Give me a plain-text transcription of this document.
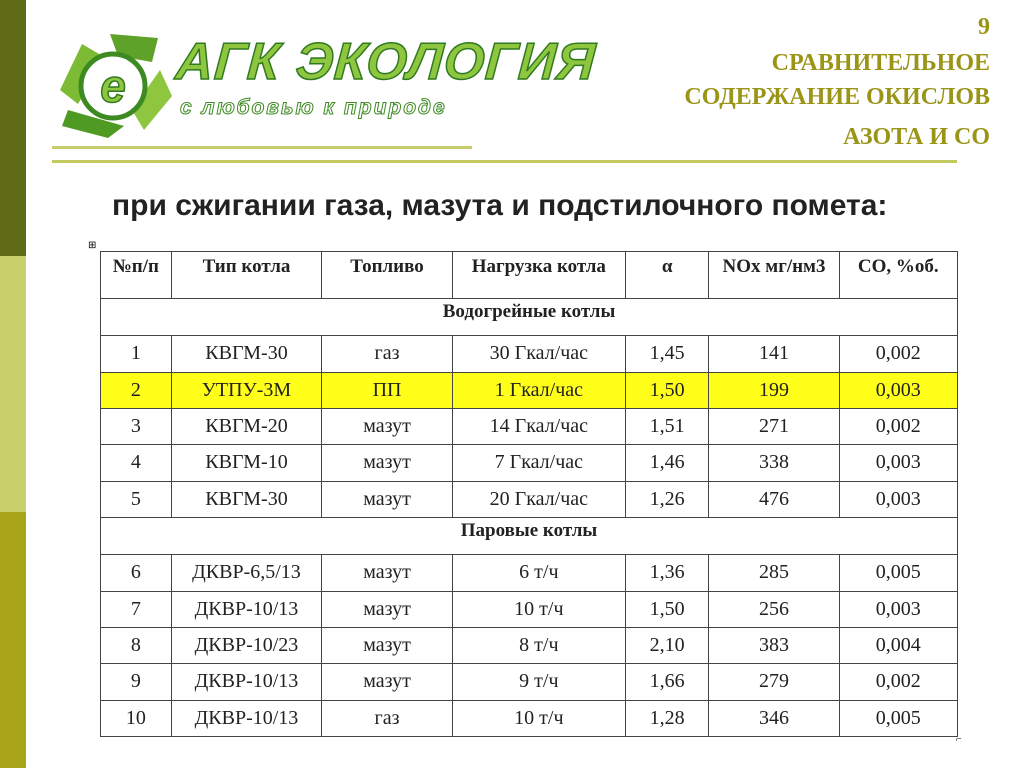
e АГК ЭКОЛОГИЯ
с любовью к природе
9
СРАВНИТЕЛЬНОЕ
СОДЕРЖАНИЕ ОКИСЛОВ
АЗОТА И СО
при сжигании газа, мазута и подстилочного помета:
⊞
№п/п	Тип котла	Топливо	Нагрузка котла	α	NOx мг/нм3	CO, %об.
Водогрейные котлы						
1	КВГМ-30	газ	30 Гкал/час	1,45	141	0,002
2	УТПУ-3М	ПП	1 Гкал/час	1,50	199	0,003
3	КВГМ-20	мазут	14 Гкал/час	1,51	271	0,002
4	КВГМ-10	мазут	7 Гкал/час	1,46	338	0,003
5	КВГМ-30	мазут	20 Гкал/час	1,26	476	0,003
Паровые котлы						
6	ДКВР-6,5/13	мазут	6 т/ч	1,36	285	0,005
7	ДКВР-10/13	мазут	10 т/ч	1,50	256	0,003
8	ДКВР-10/23	мазут	8 т/ч	2,10	383	0,004
9	ДКВР-10/13	мазут	9 т/ч	1,66	279	0,002
10	ДКВР-10/13	газ	10 т/ч	1,28	346	0,005
⌐
